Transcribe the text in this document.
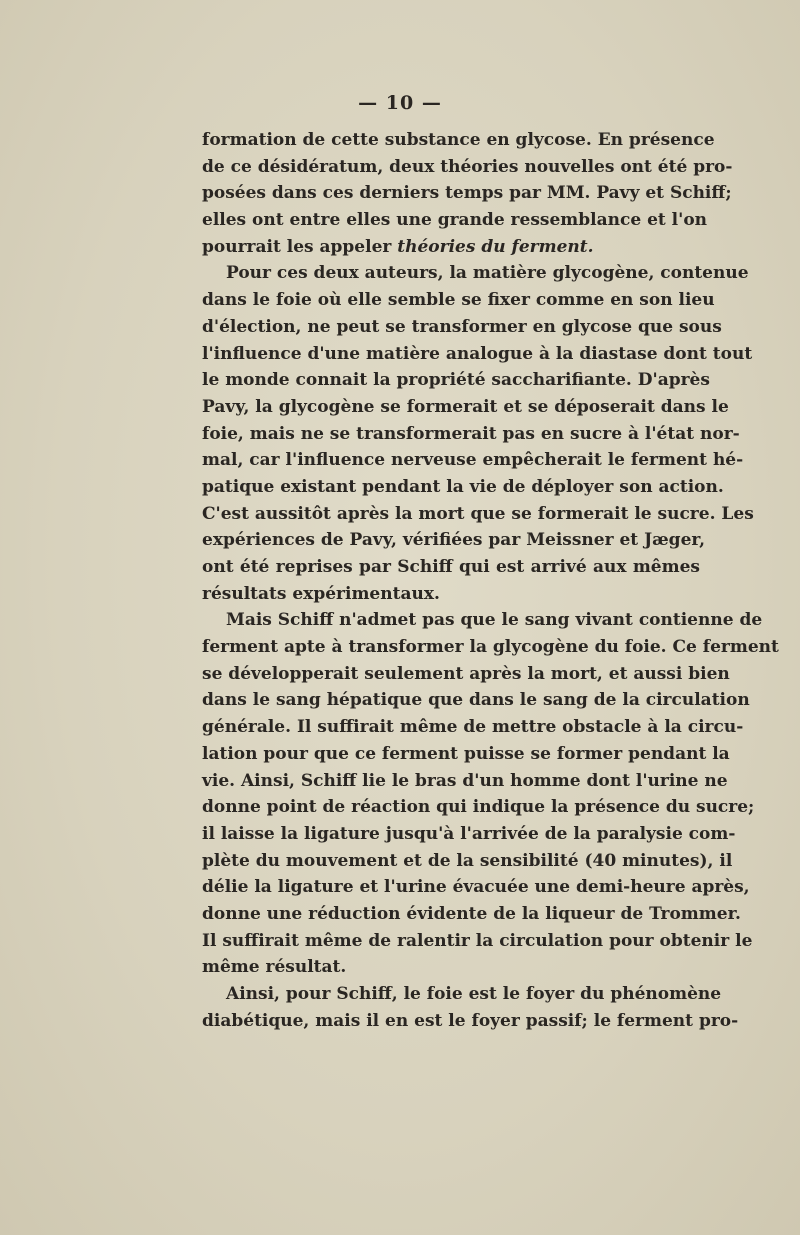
— 10 —
formation de cette substance en glycose. En présence
de ce désidératum, deux théories nouvelles ont été pro-
posées dans ces derniers temps par MM. Pavy et Schiff;
elles ont entre elles une grande ressemblance et l'on
pourrait les appeler théories du ferment.
Pour ces deux auteurs, la matière glycogène, contenue
dans le foie où elle semble se fixer comme en son lieu
d'élection, ne peut se transformer en glycose que sous
l'influence d'une matière analogue à la diastase dont tout
le monde connait la propriété saccharifiante. D'après
Pavy, la glycogène se formerait et se déposerait dans le
foie, mais ne se transformerait pas en sucre à l'état nor-
mal, car l'influence nerveuse empêcherait le ferment hé-
patique existant pendant la vie de déployer son action.
C'est aussitôt après la mort que se formerait le sucre. Les
expériences de Pavy, vérifiées par Meissner et Jæger,
ont été reprises par Schiff qui est arrivé aux mêmes
résultats expérimentaux.
Mais Schiff n'admet pas que le sang vivant contienne de
ferment apte à transformer la glycogène du foie. Ce ferment
se développerait seulement après la mort, et aussi bien
dans le sang hépatique que dans le sang de la circulation
générale. Il suffirait même de mettre obstacle à la circu-
lation pour que ce ferment puisse se former pendant la
vie. Ainsi, Schiff lie le bras d'un homme dont l'urine ne
donne point de réaction qui indique la présence du sucre;
il laisse la ligature jusqu'à l'arrivée de la paralysie com-
plète du mouvement et de la sensibilité (40 minutes), il
délie la ligature et l'urine évacuée une demi-heure après,
donne une réduction évidente de la liqueur de Trommer.
Il suffirait même de ralentir la circulation pour obtenir le
même résultat.
Ainsi, pour Schiff, le foie est le foyer du phénomène
diabétique, mais il en est le foyer passif; le ferment pro-
